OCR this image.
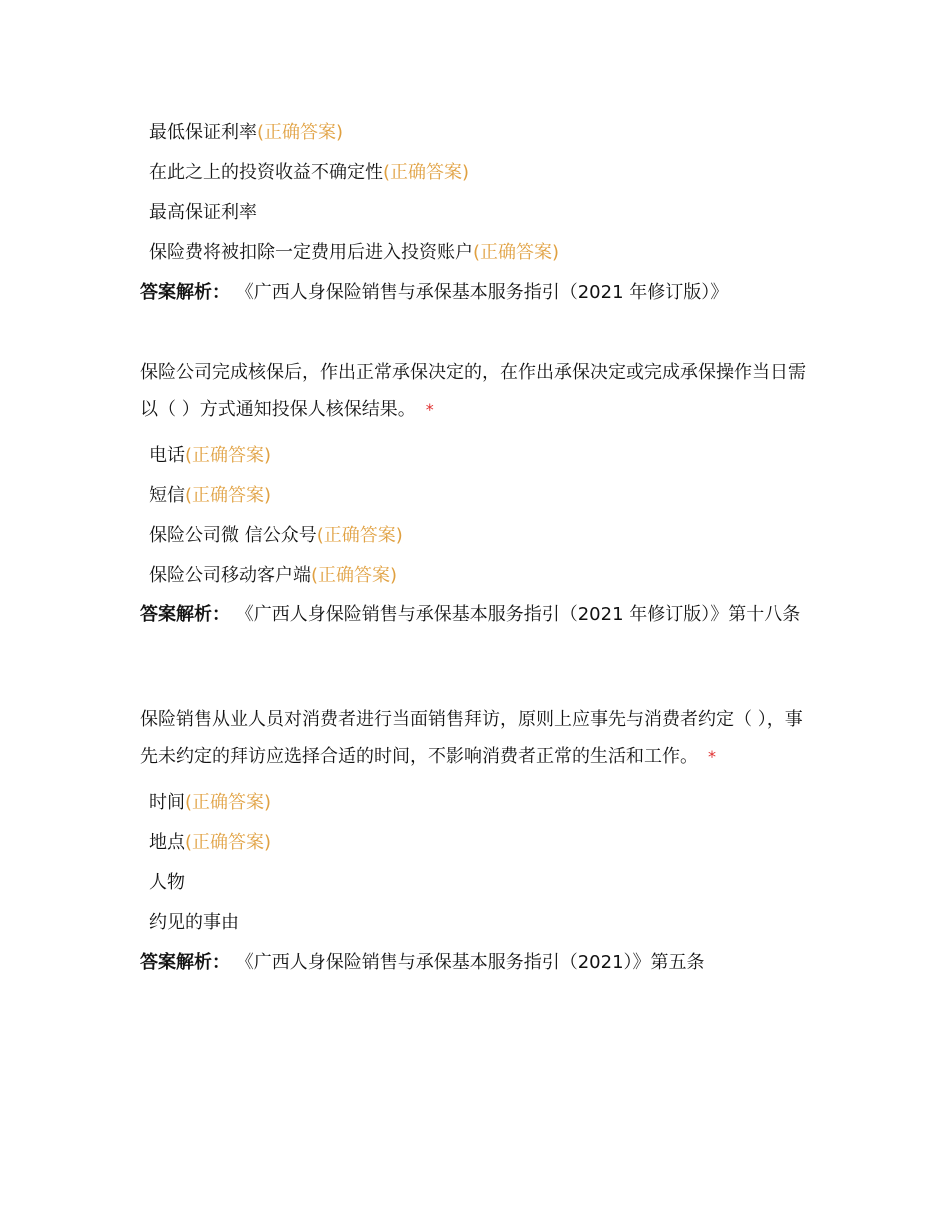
最低保证利率(正确答案)
在此之上的投资收益不确定性(正确答案)
最高保证利率
保险费将被扣除一定费用后进入投资账户(正确答案)
答案解析： 《广西人身保险销售与承保基本服务指引（2021 年修订版）》
保险公司完成核保后，作出正常承保决定的，在作出承保决定或完成承保操作当日需以（ ）方式通知投保人核保结果。 *
电话(正确答案)
短信(正确答案)
保险公司微 信公众号(正确答案)
保险公司移动客户端(正确答案)
答案解析： 《广西人身保险销售与承保基本服务指引（2021 年修订版）》第十八条
保险销售从业人员对消费者进行当面销售拜访，原则上应事先与消费者约定（ ），事先未约定的拜访应选择合适的时间，不影响消费者正常的生活和工作。 *
时间(正确答案)
地点(正确答案)
人物
约见的事由
答案解析： 《广西人身保险销售与承保基本服务指引（2021）》第五条
